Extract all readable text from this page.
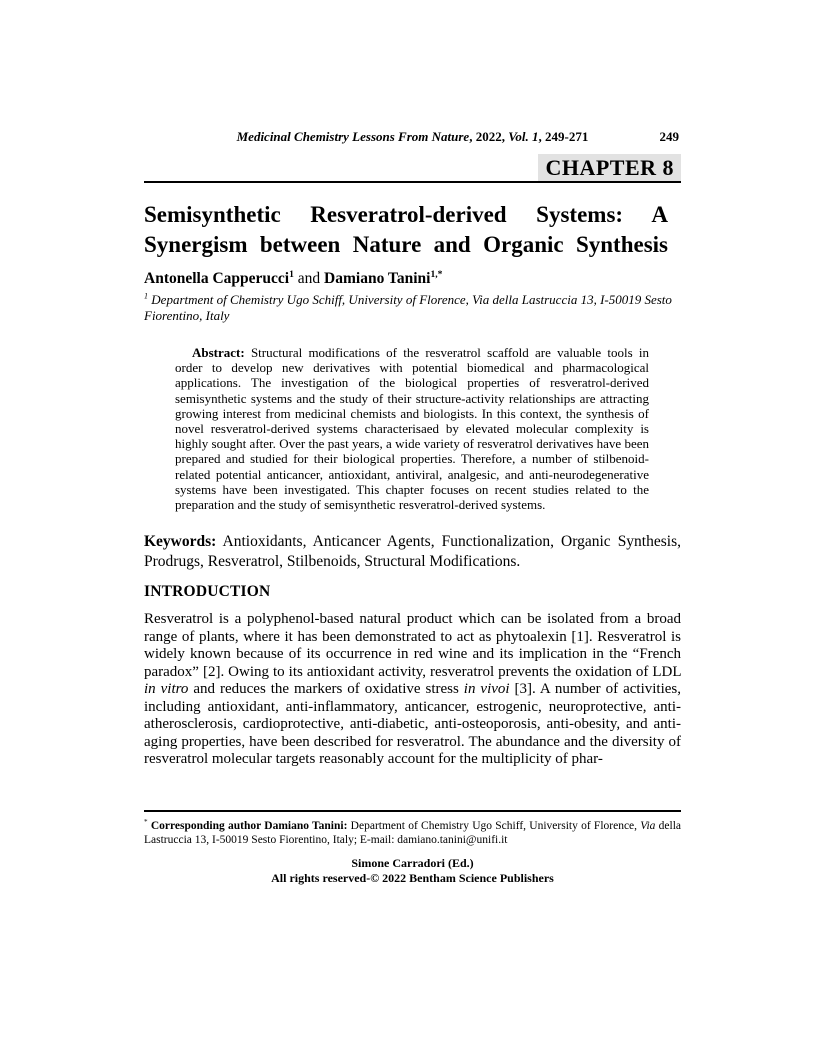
Medicinal Chemistry Lessons From Nature, 2022, Vol. 1, 249-271	249
CHAPTER 8
Semisynthetic Resveratrol-derived Systems: A Synergism between Nature and Organic Synthesis
Antonella Capperucci$^1$ and Damiano Tanini$^{1,*}$
$^1$ Department of Chemistry Ugo Schiff, University of Florence, Via della Lastruccia 13, I-50019 Sesto Fiorentino, Italy

Abstract: Structural modifications of the resveratrol scaffold are valuable tools in order to develop new derivatives with potential biomedical and pharmacological applications. The investigation of the biological properties of resveratrol-derived semisynthetic systems and the study of their structure-activity relationships are attracting growing interest from medicinal chemists and biologists. In this context, the synthesis of novel resveratrol-derived systems characterisaed by elevated molecular complexity is highly sought after. Over the past years, a wide variety of resveratrol derivatives have been prepared and studied for their biological properties. Therefore, a number of stilbenoid-related potential anticancer, antioxidant, antiviral, analgesic, and anti-neurodegenerative systems have been investigated. This chapter focuses on recent studies related to the preparation and the study of semisynthetic resveratrol-derived systems.

Keywords: Antioxidants, Anticancer Agents, Functionalization, Organic Synthesis, Prodrugs, Resveratrol, Stilbenoids, Structural Modifications.

INTRODUCTION

Resveratrol is a polyphenol-based natural product which can be isolated from a broad range of plants, where it has been demonstrated to act as phytoalexin [1]. Resveratrol is widely known because of its occurrence in red wine and its implication in the “French paradox” [2]. Owing to its antioxidant activity, resveratrol prevents the oxidation of LDL in vitro and reduces the markers of oxidative stress in vivoi [3]. A number of activities, including antioxidant, anti-inflammatory, anticancer, estrogenic, neuroprotective, anti-atherosclerosis, cardioprotective, anti-diabetic, anti-osteoporosis, anti-obesity, and anti-aging properties, have been described for resveratrol. The abundance and the diversity of resveratrol molecular targets reasonably account for the multiplicity of phar-

* Corresponding author Damiano Tanini: Department of Chemistry Ugo Schiff, University of Florence, Via della Lastruccia 13, I-50019 Sesto Fiorentino, Italy; E-mail: damiano.tanini@unifi.it

Simone Carradori (Ed.)
All rights reserved-© 2022 Bentham Science Publishers
